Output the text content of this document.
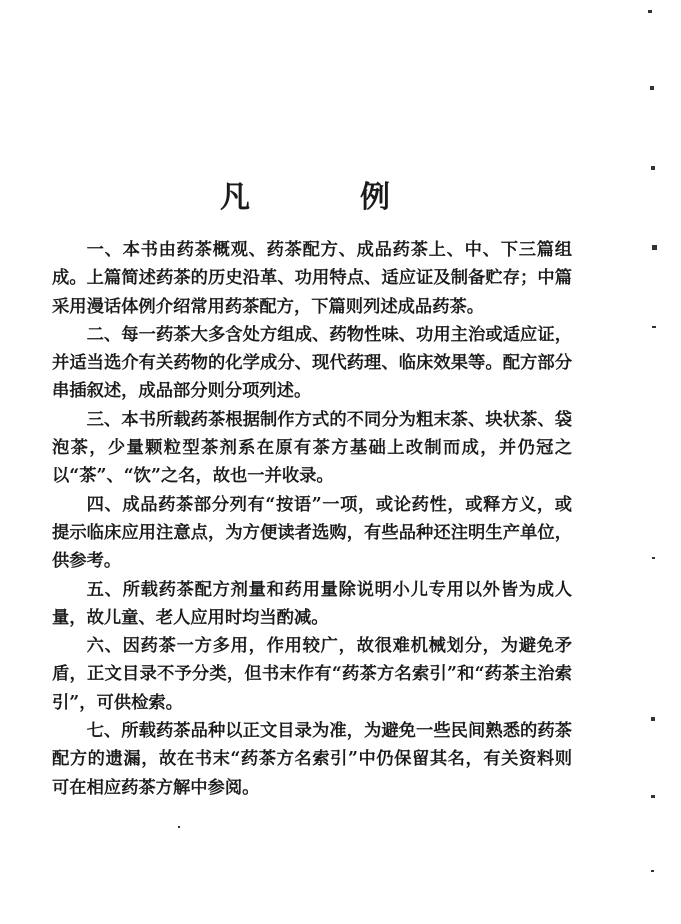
凡　例

一、本书由药茶概观、药茶配方、成品药茶上、中、下三篇组成。上篇简述药茶的历史沿革、功用特点、适应证及制备贮存；中篇采用漫话体例介绍常用药茶配方，下篇则列述成品药茶。

二、每一药茶大多含处方组成、药物性味、功用主治或适应证，并适当选介有关药物的化学成分、现代药理、临床效果等。配方部分串插叙述，成品部分则分项列述。

三、本书所载药茶根据制作方式的不同分为粗末茶、块状茶、袋泡茶，少量颗粒型茶剂系在原有茶方基础上改制而成，并仍冠之以“茶”、“饮”之名，故也一并收录。

四、成品药茶部分列有“按语”一项，或论药性，或释方义，或提示临床应用注意点，为方便读者选购，有些品种还注明生产单位，供参考。

五、所载药茶配方剂量和药用量除说明小儿专用以外皆为成人量，故儿童、老人应用时均当酌减。

六、因药茶一方多用，作用较广，故很难机械划分，为避免矛盾，正文目录不予分类，但书末作有“药茶方名索引”和“药茶主治索引”，可供检索。

七、所载药茶品种以正文目录为准，为避免一些民间熟悉的药茶配方的遗漏，故在书末“药茶方名索引”中仍保留其名，有关资料则可在相应药茶方解中参阅。
